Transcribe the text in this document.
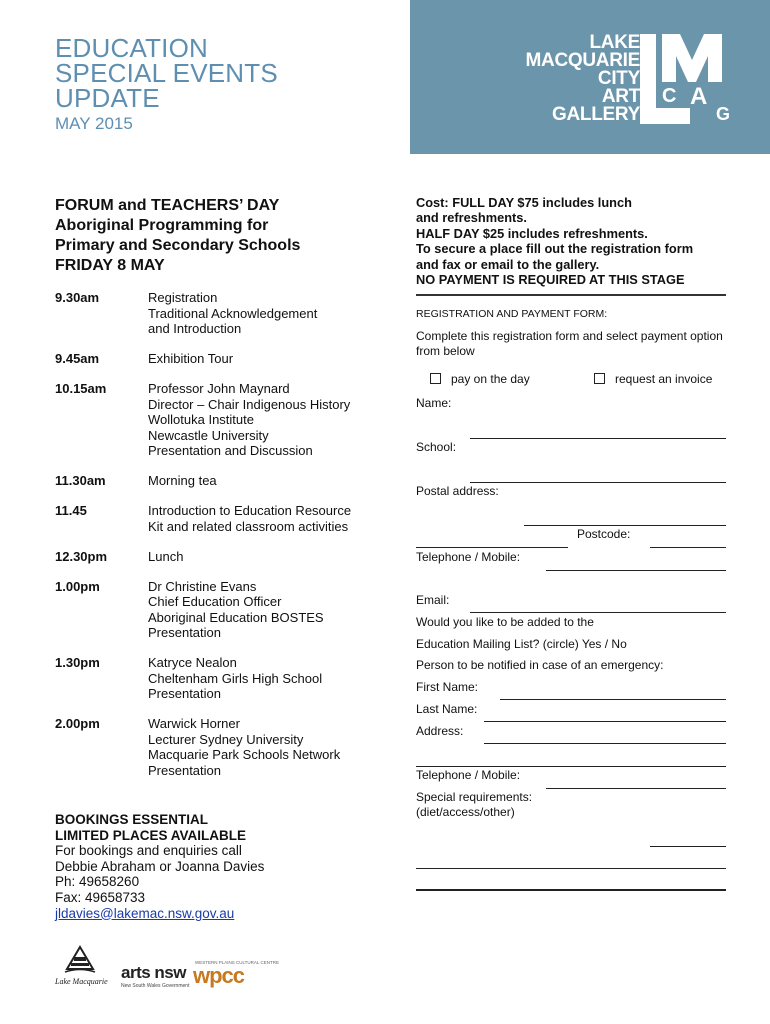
EDUCATION
SPECIAL EVENTS
UPDATE
MAY 2015
LAKE
MACQUARIE
CITY
ART
GALLERY
C A
G
FORUM and TEACHERS’ DAY
Aboriginal Programming for
Primary and Secondary Schools
FRIDAY 8 MAY
9.30am	Registration
Traditional Acknowledgement
and Introduction
9.45am	Exhibition Tour
10.15am	Professor John Maynard
Director – Chair Indigenous History
Wollotuka Institute
Newcastle University
Presentation and Discussion
11.30am	Morning tea
11.45	Introduction to Education Resource
Kit and related classroom activities
12.30pm	Lunch
1.00pm	Dr Christine Evans
Chief Education Officer
Aboriginal Education BOSTES
Presentation
1.30pm	Katryce Nealon
Cheltenham Girls High School
Presentation
2.00pm	Warwick Horner
Lecturer Sydney University
Macquarie Park Schools Network
Presentation
BOOKINGS ESSENTIAL
LIMITED PLACES AVAILABLE
For bookings and enquiries call
Debbie Abraham or Joanna Davies
Ph: 49658260
Fax: 49658733
jldavies@lakemac.nsw.gov.au
Cost: FULL DAY $75 includes lunch
and refreshments.
HALF DAY $25 includes refreshments.
To secure a place fill out the registration form
and fax or email to the gallery.
NO PAYMENT IS REQUIRED AT THIS STAGE
REGISTRATION AND PAYMENT FORM:
Complete this registration form and select payment option from below
pay on the day	request an invoice
Name:
School:
Postal address:
Postcode:
Telephone / Mobile:
Email:
Would you like to be added to the
Education Mailing List? (circle) Yes / No
Person to be notified in case of an emergency:
First Name:
Last Name:
Address:
Telephone / Mobile:
Special requirements:
(diet/access/other)
Lake Macquarie arts nsw
New South Wales Government
WESTERN PLAINS CULTURAL CENTRE
wpcc
